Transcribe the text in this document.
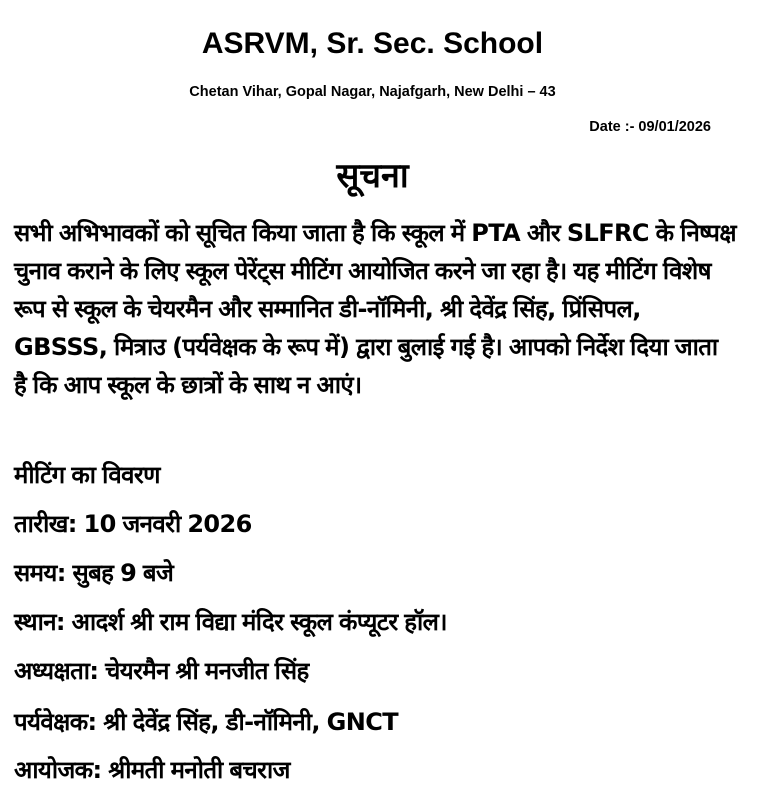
ASRVM, Sr. Sec. School
Chetan Vihar, Gopal Nagar, Najafgarh, New Delhi – 43
Date :- 09/01/2026
सूचना

सभी अभिभावकों को सूचित किया जाता है कि स्कूल में PTA और SLFRC के निष्पक्ष चुनाव कराने के लिए स्कूल पेरेंट्स मीटिंग आयोजित करने जा रहा है। यह मीटिंग विशेष रूप से स्कूल के चेयरमैन और सम्मानित डी-नॉमिनी, श्री देवेंद्र सिंह, प्रिंसिपल, GBSSS, मित्राउ (पर्यवेक्षक के रूप में) द्वारा बुलाई गई है। आपको निर्देश दिया जाता है कि आप स्कूल के छात्रों के साथ न आएं।

मीटिंग का विवरण
तारीख: 10 जनवरी 2026
समय: सुबह 9 बजे
स्थान: आदर्श श्री राम विद्या मंदिर स्कूल कंप्यूटर हॉल।
अध्यक्षता: चेयरमैन श्री मनजीत सिंह
पर्यवेक्षक: श्री देवेंद्र सिंह, डी-नॉमिनी, GNCT
आयोजक: श्रीमती मनोती बचराज
